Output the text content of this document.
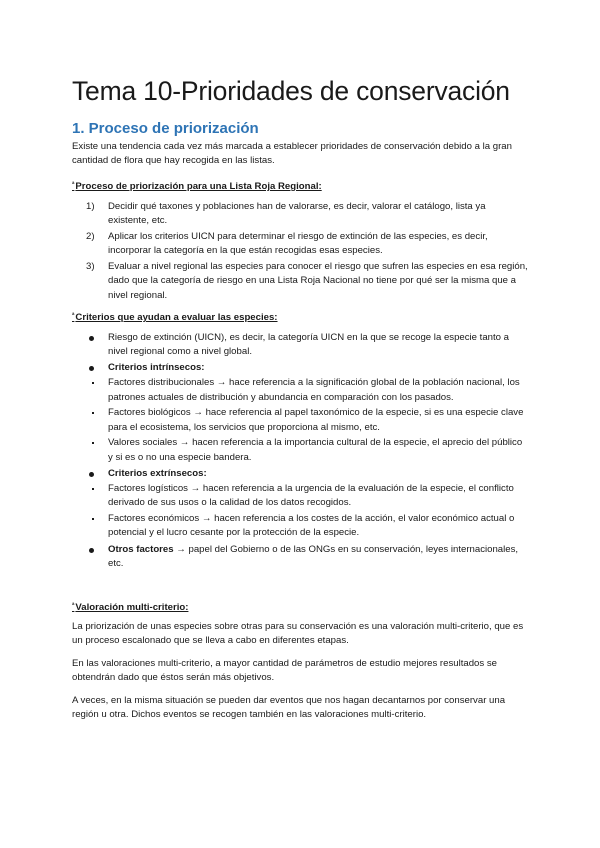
Tema 10-Prioridades de conservación
1. Proceso de priorización

Existe una tendencia cada vez más marcada a establecer prioridades de conservación debido a la gran cantidad de flora que hay recogida en las listas.

$^ª$Proceso de priorización para una Lista Roja Regional:

1) Decidir qué taxones y poblaciones han de valorarse, es decir, valorar el catálogo, lista ya existente, etc.
2) Aplicar los criterios UICN para determinar el riesgo de extinción de las especies, es decir, incorporar la categoría en la que están recogidas esas especies.
3) Evaluar a nivel regional las especies para conocer el riesgo que sufren las especies en esa región, dado que la categoría de riesgo en una Lista Roja Nacional no tiene por qué ser la misma que a nivel regional.

$^ª$Criterios que ayudan a evaluar las especies:

Riesgo de extinción (UICN), es decir, la categoría UICN en la que se recoge la especie tanto a nivel regional como a nivel global.
Criterios intrínsecos:
Factores distribucionales → hace referencia a la significación global de la población nacional, los patrones actuales de distribución y abundancia en comparación con los pasados.
Factores biológicos → hace referencia al papel taxonómico de la especie, si es una especie clave para el ecosistema, los servicios que proporciona al mismo, etc.
Valores sociales → hacen referencia a la importancia cultural de la especie, el aprecio del público y si es o no una especie bandera.
Criterios extrínsecos:
Factores logísticos → hacen referencia a la urgencia de la evaluación de la especie, el conflicto derivado de sus usos o la calidad de los datos recogidos.
Factores económicos → hacen referencia a los costes de la acción, el valor económico actual o potencial y el lucro cesante por la protección de la especie.
Otros factores → papel del Gobierno o de las ONGs en su conservación, leyes internacionales, etc.

$^ª$Valoración multi-criterio:

La priorización de unas especies sobre otras para su conservación es una valoración multi-criterio, que es un proceso escalonado que se lleva a cabo en diferentes etapas.

En las valoraciones multi-criterio, a mayor cantidad de parámetros de estudio mejores resultados se obtendrán dado que éstos serán más objetivos.

A veces, en la misma situación se pueden dar eventos que nos hagan decantarnos por conservar una región u otra. Dichos eventos se recogen también en las valoraciones multi-criterio.
